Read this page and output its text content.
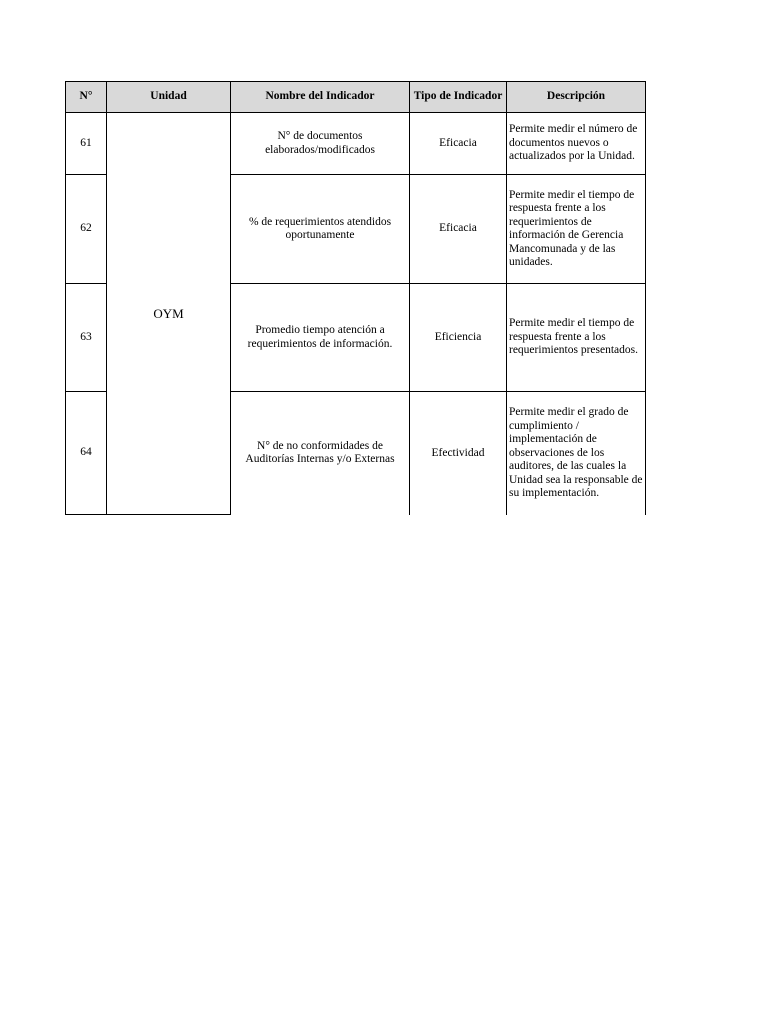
N°	Unidad	Nombre del Indicador	Tipo de Indicador	Descripción
61	OYM	N° de documentos elaborados/modificados	Eficacia	Permite medir el número de documentos nuevos o actualizados por la Unidad.
62		% de requerimientos atendidos oportunamente	Eficacia	Permite medir el tiempo de respuesta frente a los requerimientos de información de Gerencia Mancomunada y de las unidades.
63		Promedio tiempo atención a requerimientos de información.	Eficiencia	Permite medir el tiempo de respuesta frente a los requerimientos presentados.
64		N° de no conformidades de Auditorías Internas y/o Externas	Efectividad	Permite medir el grado de cumplimiento / implementación de observaciones de los auditores, de las cuales la Unidad sea la responsable de su implementación.
